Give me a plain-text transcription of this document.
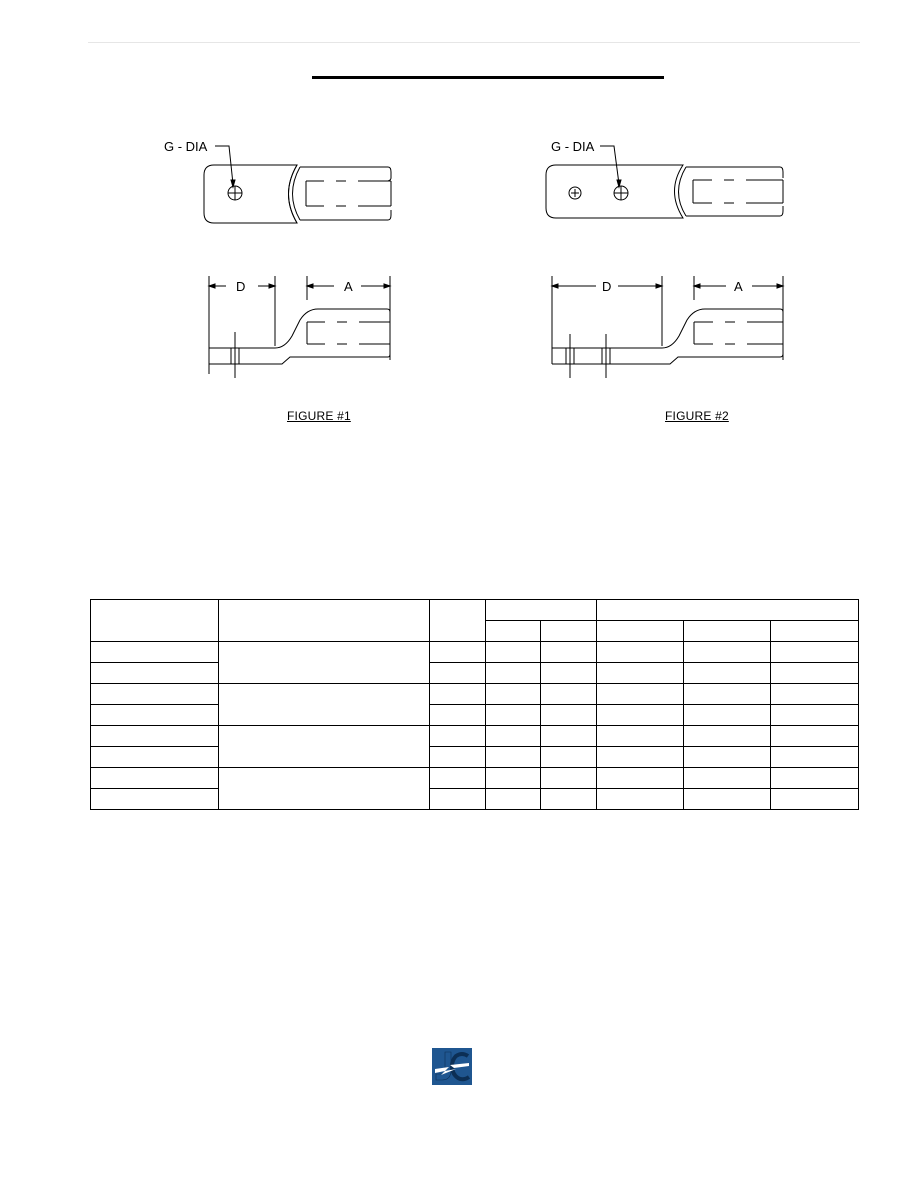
G - DIA
D	A
G - DIA
D	A
FIGURE #1	FIGURE #2
